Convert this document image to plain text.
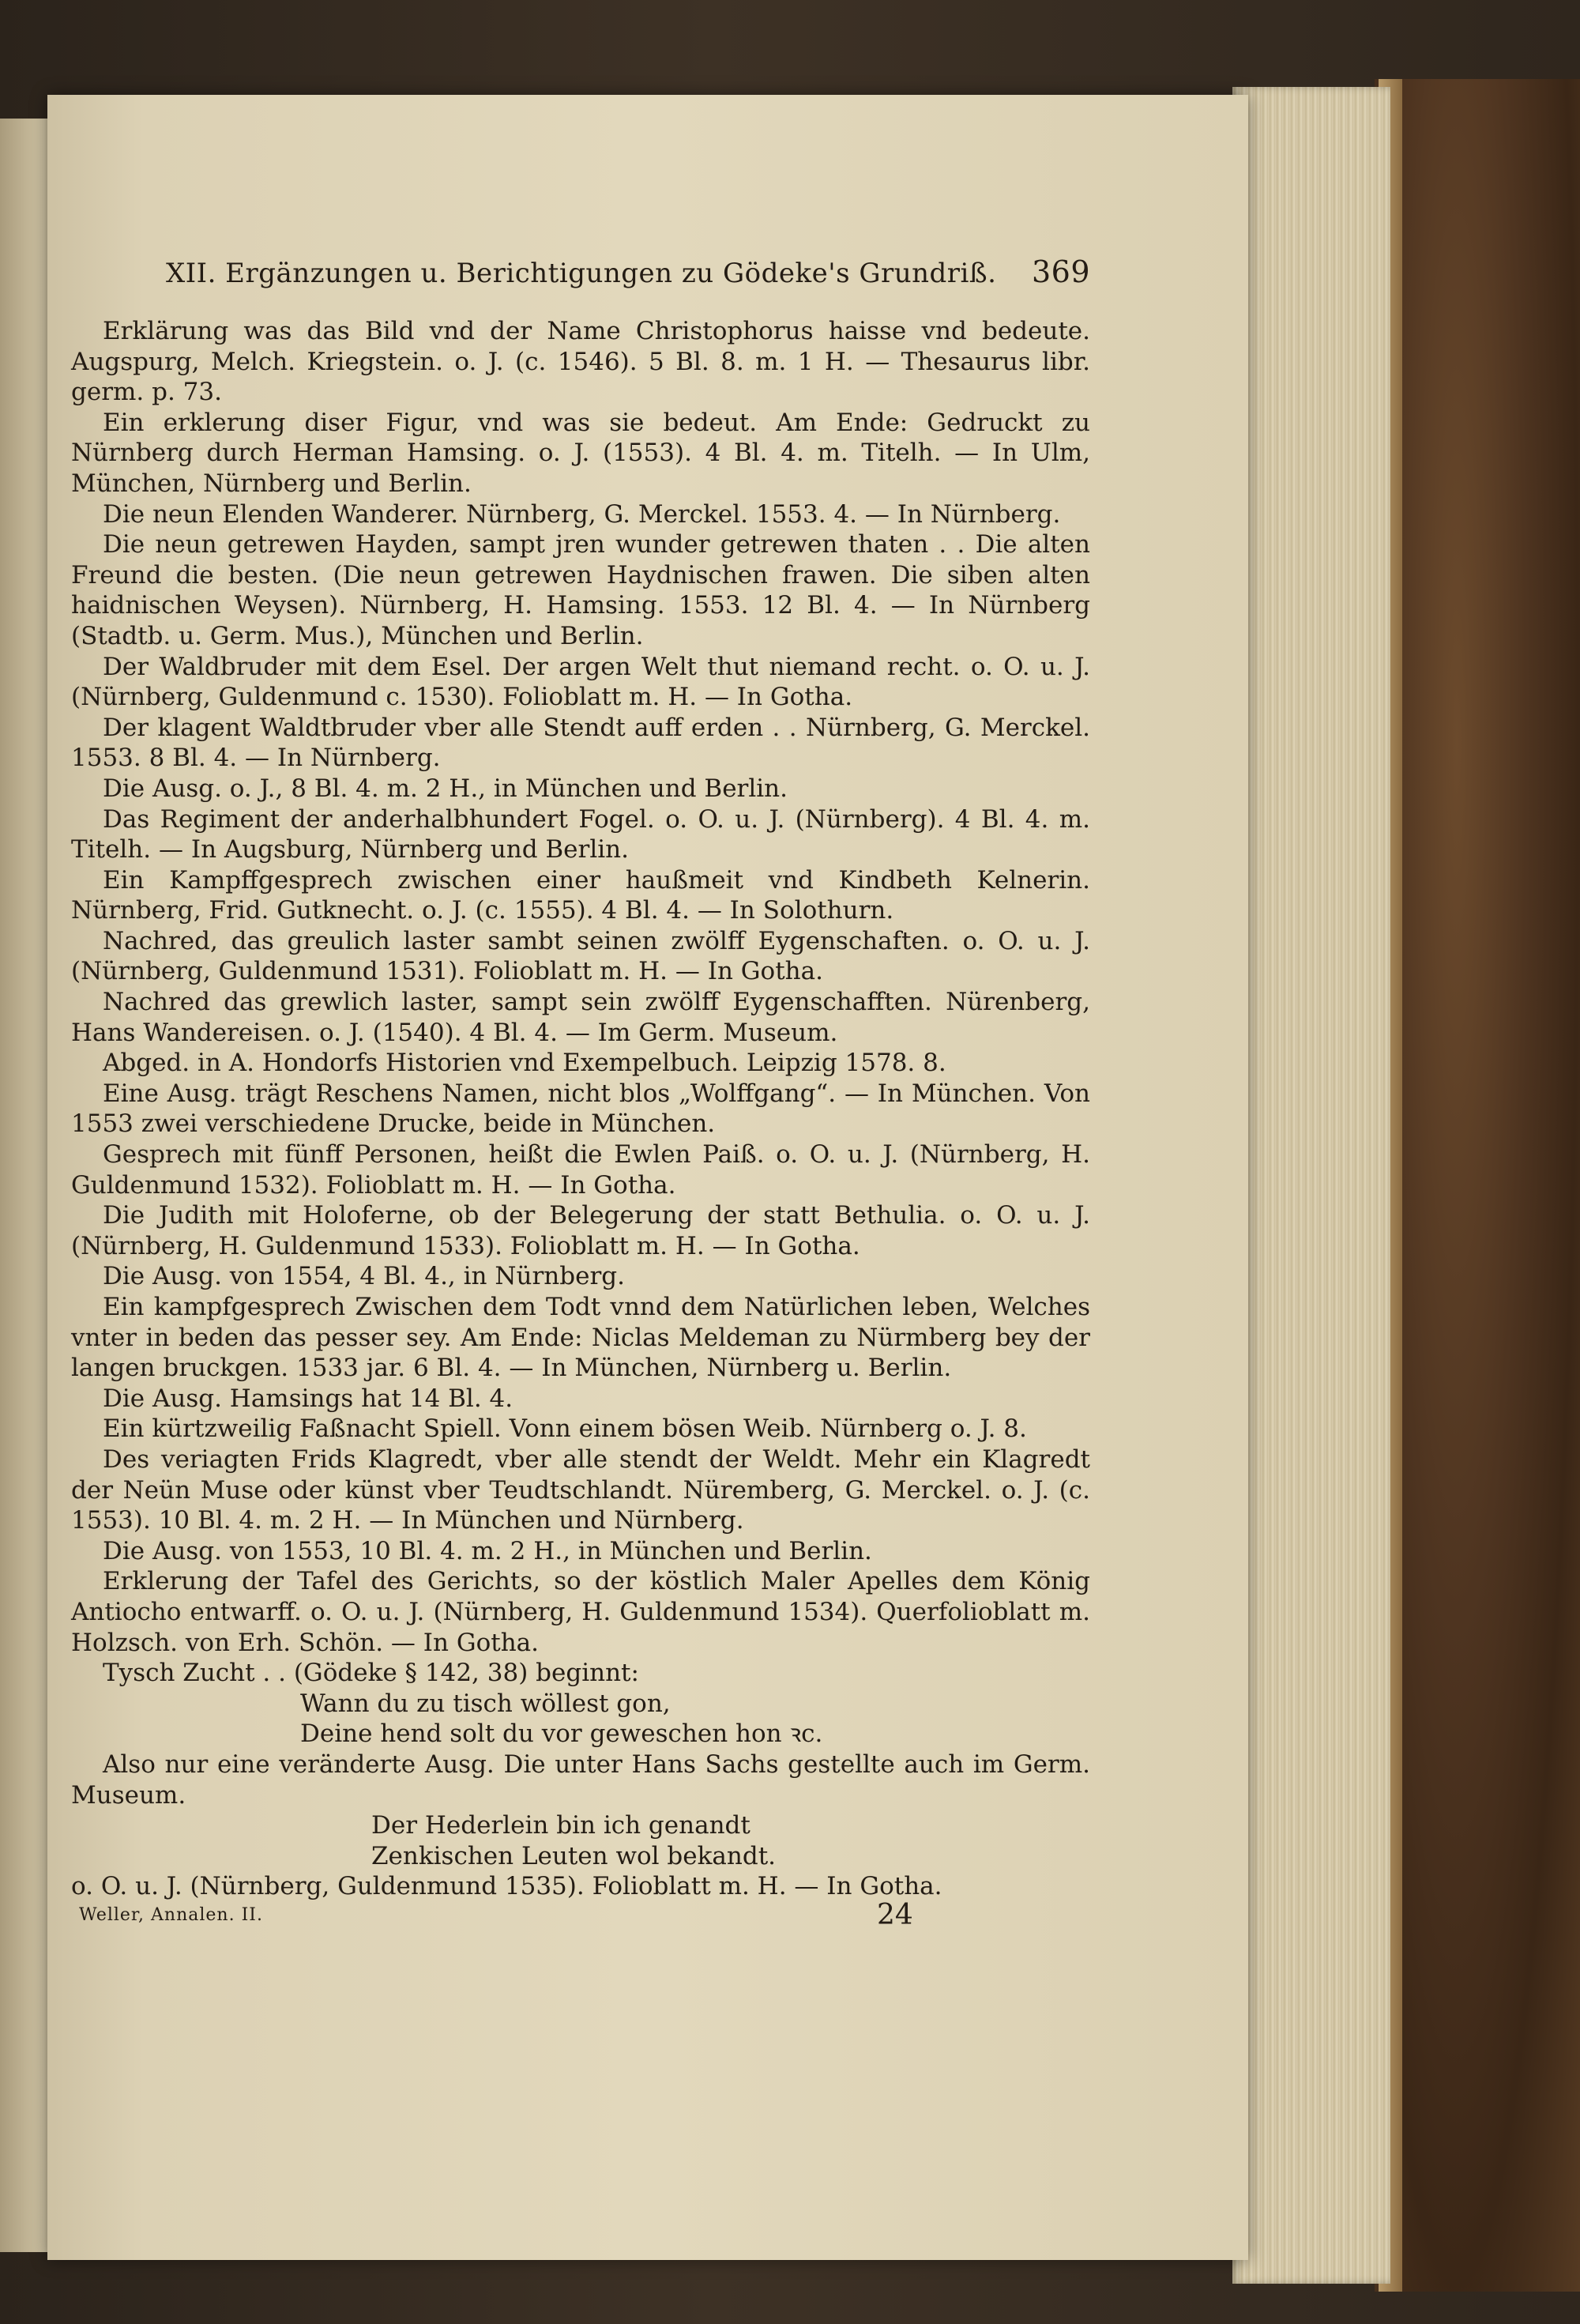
XII. Ergänzungen u. Berichtigungen zu Gödeke's Grundriß. 369

Erklärung was das Bild vnd der Name Christophorus haisse vnd bedeute. Augspurg, Melch. Kriegstein. o. J. (c. 1546). 5 Bl. 8. m. 1 H. — Thesaurus libr. germ. p. 73.

Ein erklerung diser Figur, vnd was sie bedeut. Am Ende: Gedruckt zu Nürnberg durch Herman Hamsing. o. J. (1553). 4 Bl. 4. m. Titelh. — In Ulm, München, Nürnberg und Berlin.

Die neun Elenden Wanderer. Nürnberg, G. Merckel. 1553. 4. — In Nürnberg.

Die neun getrewen Hayden, sampt jren wunder getrewen thaten . . Die alten Freund die besten. (Die neun getrewen Haydnischen frawen. Die siben alten haidnischen Weysen). Nürnberg, H. Hamsing. 1553. 12 Bl. 4. — In Nürnberg (Stadtb. u. Germ. Mus.), München und Berlin.

Der Waldbruder mit dem Esel. Der argen Welt thut niemand recht. o. O. u. J. (Nürnberg, Guldenmund c. 1530). Folioblatt m. H. — In Gotha.

Der klagent Waldtbruder vber alle Stendt auff erden . . Nürnberg, G. Merckel. 1553. 8 Bl. 4. — In Nürnberg.

Die Ausg. o. J., 8 Bl. 4. m. 2 H., in München und Berlin.

Das Regiment der anderhalbhundert Fogel. o. O. u. J. (Nürnberg). 4 Bl. 4. m. Titelh. — In Augsburg, Nürnberg und Berlin.

Ein Kampffgesprech zwischen einer haußmeit vnd Kindbeth Kelnerin. Nürnberg, Frid. Gutknecht. o. J. (c. 1555). 4 Bl. 4. — In Solothurn.

Nachred, das greulich laster sambt seinen zwölff Eygenschaften. o. O. u. J. (Nürnberg, Guldenmund 1531). Folioblatt m. H. — In Gotha.

Nachred das grewlich laster, sampt sein zwölff Eygenschafften. Nürenberg, Hans Wandereisen. o. J. (1540). 4 Bl. 4. — Im Germ. Museum.

Abged. in A. Hondorfs Historien vnd Exempelbuch. Leipzig 1578. 8.

Eine Ausg. trägt Reschens Namen, nicht blos „Wolffgang“. — In München. Von 1553 zwei verschiedene Drucke, beide in München.

Gesprech mit fünff Personen, heißt die Ewlen Paiß. o. O. u. J. (Nürnberg, H. Guldenmund 1532). Folioblatt m. H. — In Gotha.

Die Judith mit Holoferne, ob der Belegerung der statt Bethulia. o. O. u. J. (Nürnberg, H. Guldenmund 1533). Folioblatt m. H. — In Gotha.

Die Ausg. von 1554, 4 Bl. 4., in Nürnberg.

Ein kampfgesprech Zwischen dem Todt vnnd dem Natürlichen leben, Welches vnter in beden das pesser sey. Am Ende: Niclas Meldeman zu Nürmberg bey der langen bruckgen. 1533 jar. 6 Bl. 4. — In München, Nürnberg u. Berlin.

Die Ausg. Hamsings hat 14 Bl. 4.

Ein kürtzweilig Faßnacht Spiell. Vonn einem bösen Weib. Nürnberg o. J. 8.

Des veriagten Frids Klagredt, vber alle stendt der Weldt. Mehr ein Klagredt der Neün Muse oder künst vber Teudtschlandt. Nüremberg, G. Merckel. o. J. (c. 1553). 10 Bl. 4. m. 2 H. — In München und Nürnberg.

Die Ausg. von 1553, 10 Bl. 4. m. 2 H., in München und Berlin.

Erklerung der Tafel des Gerichts, so der köstlich Maler Apelles dem König Antiocho entwarff. o. O. u. J. (Nürnberg, H. Guldenmund 1534). Querfolioblatt m. Holzsch. von Erh. Schön. — In Gotha.

Tysch Zucht . . (Gödeke § 142, 38) beginnt:

Wann du zu tisch wöllest gon,
Deine hend solt du vor geweschen hon ꝛc.

Also nur eine veränderte Ausg. Die unter Hans Sachs gestellte auch im Germ. Museum.

Der Hederlein bin ich genandt
Zenkischen Leuten wol bekandt.

o. O. u. J. (Nürnberg, Guldenmund 1535). Folioblatt m. H. — In Gotha.

Weller, Annalen. II.	24
